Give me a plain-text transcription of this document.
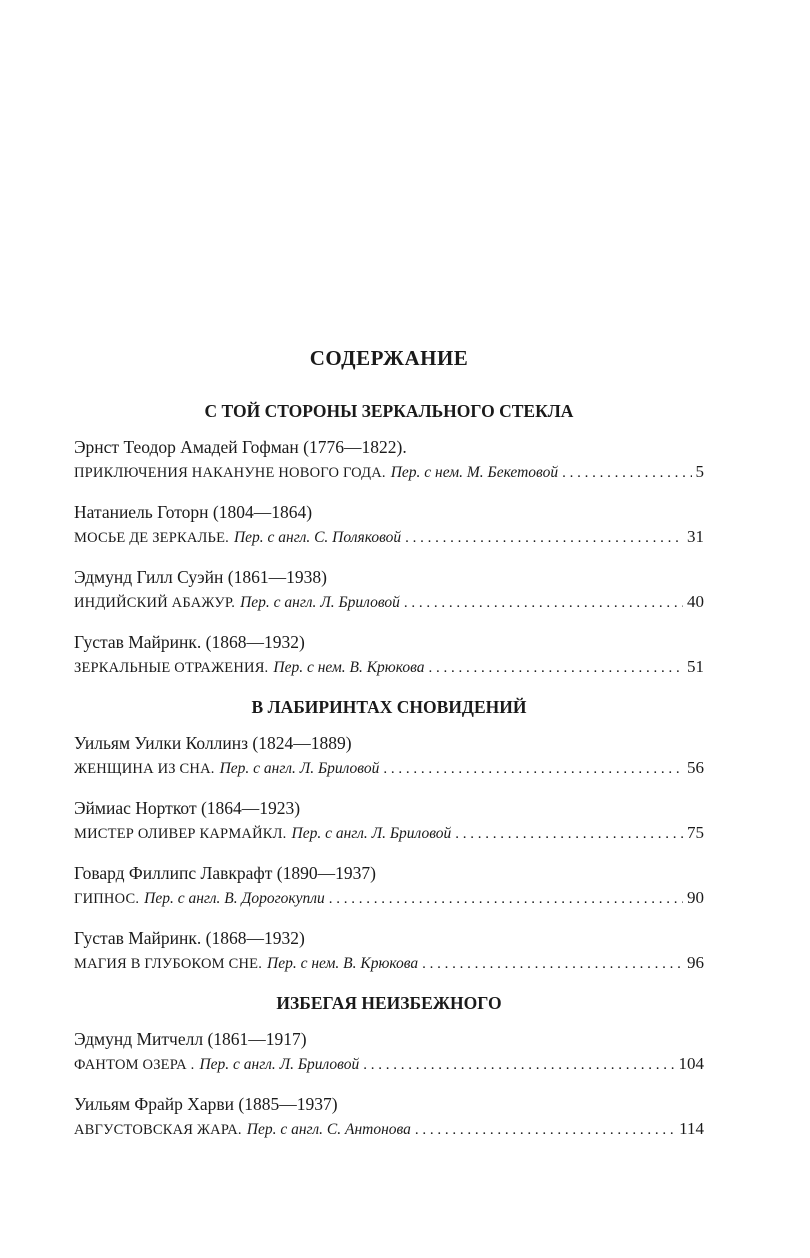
СОДЕРЖАНИЕ
С ТОЙ СТОРОНЫ ЗЕРКАЛЬНОГО СТЕКЛА
Эрнст Теодор Амадей Гофман (1776—1822).
ПРИКЛЮЧЕНИЯ НАКАНУНЕ НОВОГО ГОДА. Пер. с нем. М. Бекетовой . . .	5
Натаниель Готорн (1804—1864)
МОСЬЕ ДЕ ЗЕРКАЛЬЕ. Пер. с англ. С. Поляковой . . .	31
Эдмунд Гилл Суэйн (1861—1938)
ИНДИЙСКИЙ АБАЖУР. Пер. с англ. Л. Бриловой . . .	40
Густав Майринк. (1868—1932)
ЗЕРКАЛЬНЫЕ ОТРАЖЕНИЯ. Пер. с нем. В. Крюкова . . .	51
В ЛАБИРИНТАХ СНОВИДЕНИЙ
Уильям Уилки Коллинз (1824—1889)
ЖЕНЩИНА ИЗ СНА. Пер. с англ. Л. Бриловой . . .	56
Эймиас Норткот (1864—1923)
МИСТЕР ОЛИВЕР КАРМАЙКЛ. Пер. с англ. Л. Бриловой . . .	75
Говард Филлипс Лавкрафт (1890—1937)
ГИПНОС. Пер. с англ. В. Дорогокупли . . .	90
Густав Майринк. (1868—1932)
МАГИЯ В ГЛУБОКОМ СНЕ. Пер. с нем. В. Крюкова . . .	96
ИЗБЕГАЯ НЕИЗБЕЖНОГО
Эдмунд Митчелл (1861—1917)
ФАНТОМ ОЗЕРА . Пер. с англ. Л. Бриловой . . .	104
Уильям Фрайр Харви (1885—1937)
АВГУСТОВСКАЯ ЖАРА. Пер. с англ. С. Антонова . . .	114
